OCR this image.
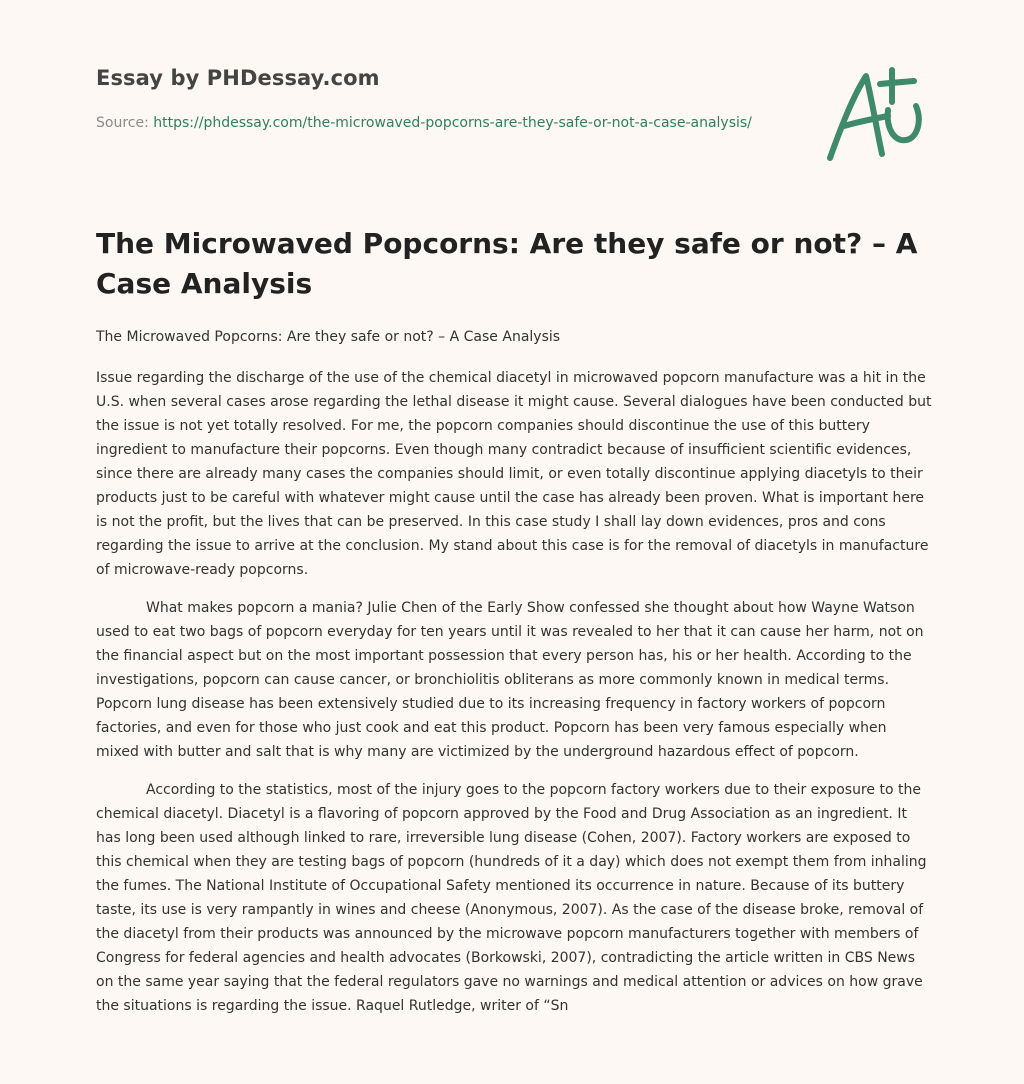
Essay by PHDessay.com
Source: https://phdessay.com/the-microwaved-popcorns-are-they-safe-or-not-a-case-analysis/
The Microwaved Popcorns: Are they safe or not? – A Case Analysis

The Microwaved Popcorns: Are they safe or not? – A Case Analysis

Issue regarding the discharge of the use of the chemical diacetyl in microwaved popcorn manufacture was a hit in the U.S. when several cases arose regarding the lethal disease it might cause. Several dialogues have been conducted but the issue is not yet totally resolved. For me, the popcorn companies should discontinue the use of this buttery ingredient to manufacture their popcorns. Even though many contradict because of insufficient scientific evidences, since there are already many cases the companies should limit, or even totally discontinue applying diacetyls to their products just to be careful with whatever might cause until the case has already been proven. What is important here is not the profit, but the lives that can be preserved. In this case study I shall lay down evidences, pros and cons regarding the issue to arrive at the conclusion. My stand about this case is for the removal of diacetyls in manufacture of microwave-ready popcorns.

What makes popcorn a mania? Julie Chen of the Early Show confessed she thought about how Wayne Watson used to eat two bags of popcorn everyday for ten years until it was revealed to her that it can cause her harm, not on the financial aspect but on the most important possession that every person has, his or her health. According to the investigations, popcorn can cause cancer, or bronchiolitis obliterans as more commonly known in medical terms. Popcorn lung disease has been extensively studied due to its increasing frequency in factory workers of popcorn factories, and even for those who just cook and eat this product. Popcorn has been very famous especially when mixed with butter and salt that is why many are victimized by the underground hazardous effect of popcorn.

According to the statistics, most of the injury goes to the popcorn factory workers due to their exposure to the chemical diacetyl. Diacetyl is a flavoring of popcorn approved by the Food and Drug Association as an ingredient. It has long been used although linked to rare, irreversible lung disease (Cohen, 2007). Factory workers are exposed to this chemical when they are testing bags of popcorn (hundreds of it a day) which does not exempt them from inhaling the fumes. The National Institute of Occupational Safety mentioned its occurrence in nature. Because of its buttery taste, its use is very rampantly in wines and cheese (Anonymous, 2007). As the case of the disease broke, removal of the diacetyl from their products was announced by the microwave popcorn manufacturers together with members of Congress for federal agencies and health advocates (Borkowski, 2007), contradicting the article written in CBS News on the same year saying that the federal regulators gave no warnings and medical attention or advices on how grave the situations is regarding the issue. Raquel Rutledge, writer of “Sn
